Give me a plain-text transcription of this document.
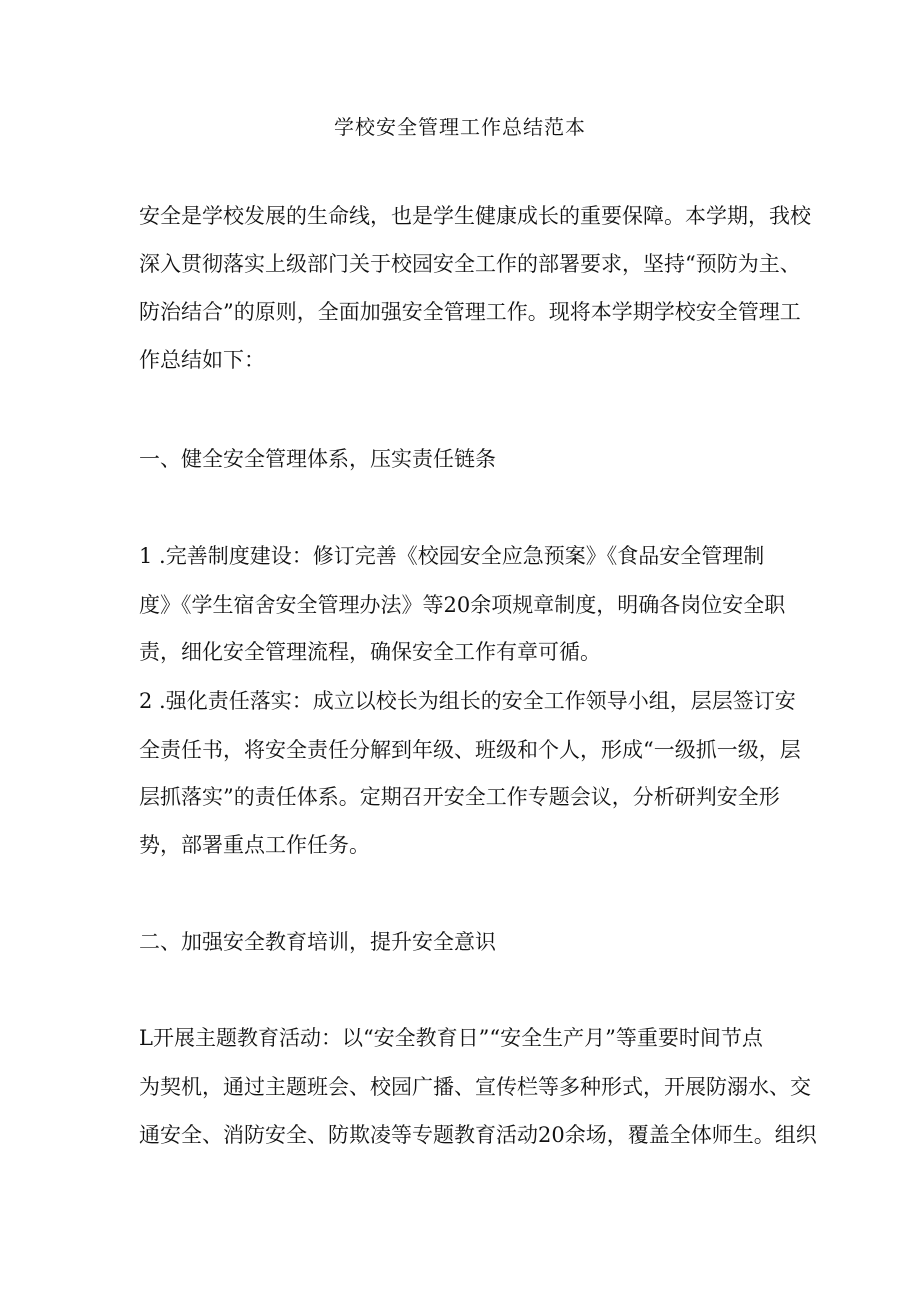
学校安全管理工作总结范本
安全是学校发展的生命线，也是学生健康成长的重要保障。本学期，我校
深入贯彻落实上级部门关于校园安全工作的部署要求，坚持“预防为主、
防治结合”的原则，全面加强安全管理工作。现将本学期学校安全管理工
作总结如下：
一、健全安全管理体系，压实责任链条
1 .完善制度建设：修订完善《校园安全应急预案》《食品安全管理制
度》《学生宿舍安全管理办法》等20余项规章制度，明确各岗位安全职
责，细化安全管理流程，确保安全工作有章可循。
2 .强化责任落实：成立以校长为组长的安全工作领导小组，层层签订安
全责任书，将安全责任分解到年级、班级和个人，形成“一级抓一级，层
层抓落实”的责任体系。定期召开安全工作专题会议，分析研判安全形
势，部署重点工作任务。
二、加强安全教育培训，提升安全意识
L开展主题教育活动：以“安全教育日”“安全生产月”等重要时间节点
为契机，通过主题班会、校园广播、宣传栏等多种形式，开展防溺水、交
通安全、消防安全、防欺凌等专题教育活动20余场，覆盖全体师生。组织
